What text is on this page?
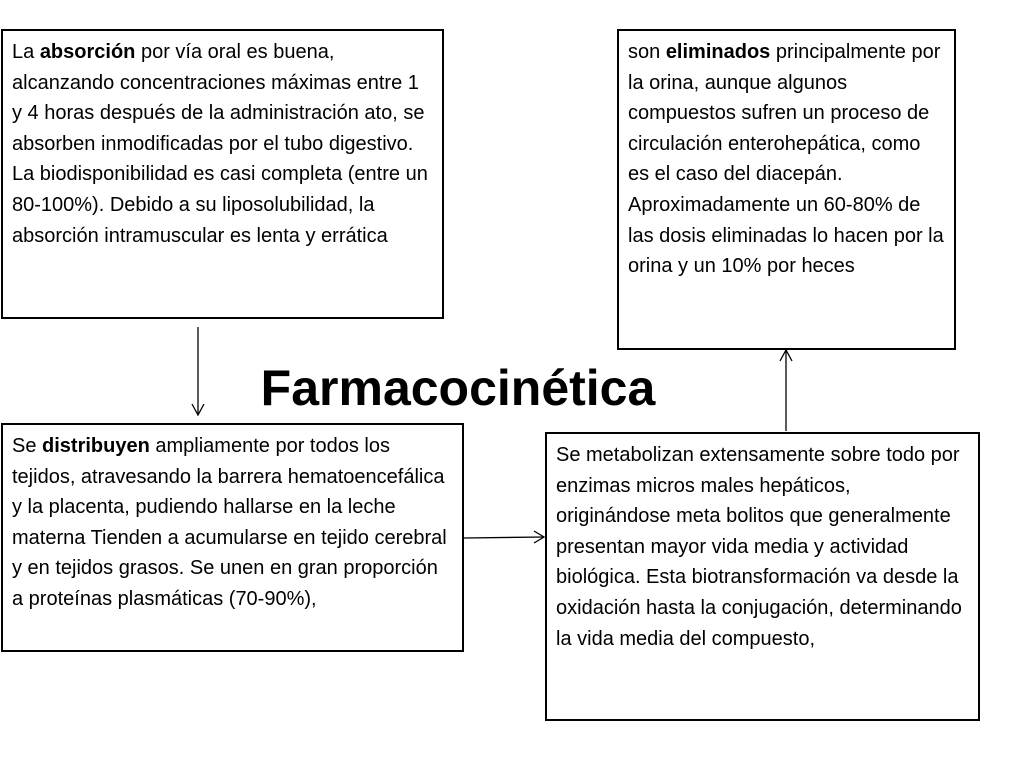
La absorción por vía oral es buena, alcanzando concentraciones máximas entre 1 y 4 horas después de la administración ato, se absorben inmodificadas por el tubo digestivo. La biodisponibilidad es casi completa (entre un 80-100%). Debido a su liposolubilidad, la absorción intramuscular es lenta y errática
son eliminados principalmente por la orina, aunque algunos compuestos sufren un proceso de circulación enterohepática, como es el caso del diacepán. Aproximadamente un 60-80% de las dosis eliminadas lo hacen por la orina y un 10% por heces
Farmacocinética
Se distribuyen ampliamente por todos los tejidos, atravesando la barrera hematoencefálica y la placenta, pudiendo hallarse en la leche materna Tienden a acumularse en tejido cerebral y en tejidos grasos. Se unen en gran proporción a proteínas plasmáticas (70-90%),
Se metabolizan extensamente sobre todo por enzimas micros males hepáticos, originándose meta bolitos que generalmente presentan mayor vida media y actividad biológica. Esta biotransformación va desde la oxidación hasta la conjugación, determinando la vida media del compuesto,
